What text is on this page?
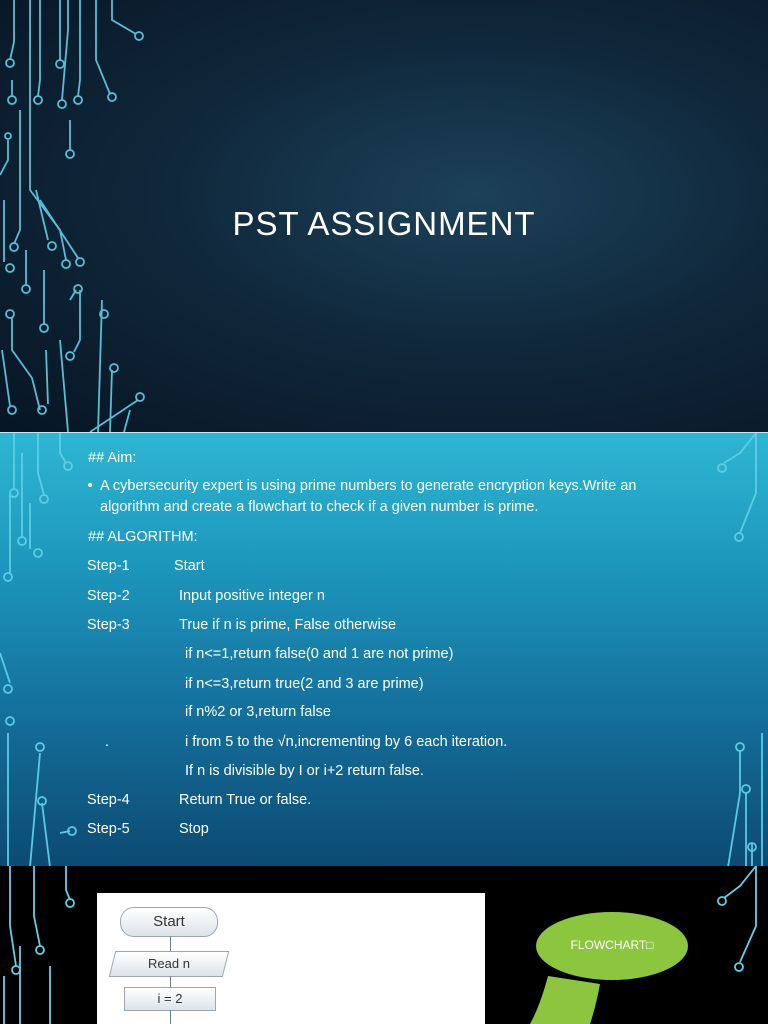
PST ASSIGNMENT
## Aim:
• A cybersecurity expert is using prime numbers to generate encryption keys.Write an algorithm and create a flowchart to check if a given number is prime.
## ALGORITHM:
Step-1	Start
Step-2	Input positive integer n
Step-3	True if n is prime, False otherwise
if n<=1,return false(0 and 1 are not prime)
if n<=3,return true(2 and 3 are prime)
if n%2 or 3,return false
.	i from 5 to the √n,incrementing by 6 each iteration.
If n is divisible by I or i+2 return false.
Step-4	Return True or false.
Step-5	Stop
Start
Read n
i = 2
FLOWCHART□
